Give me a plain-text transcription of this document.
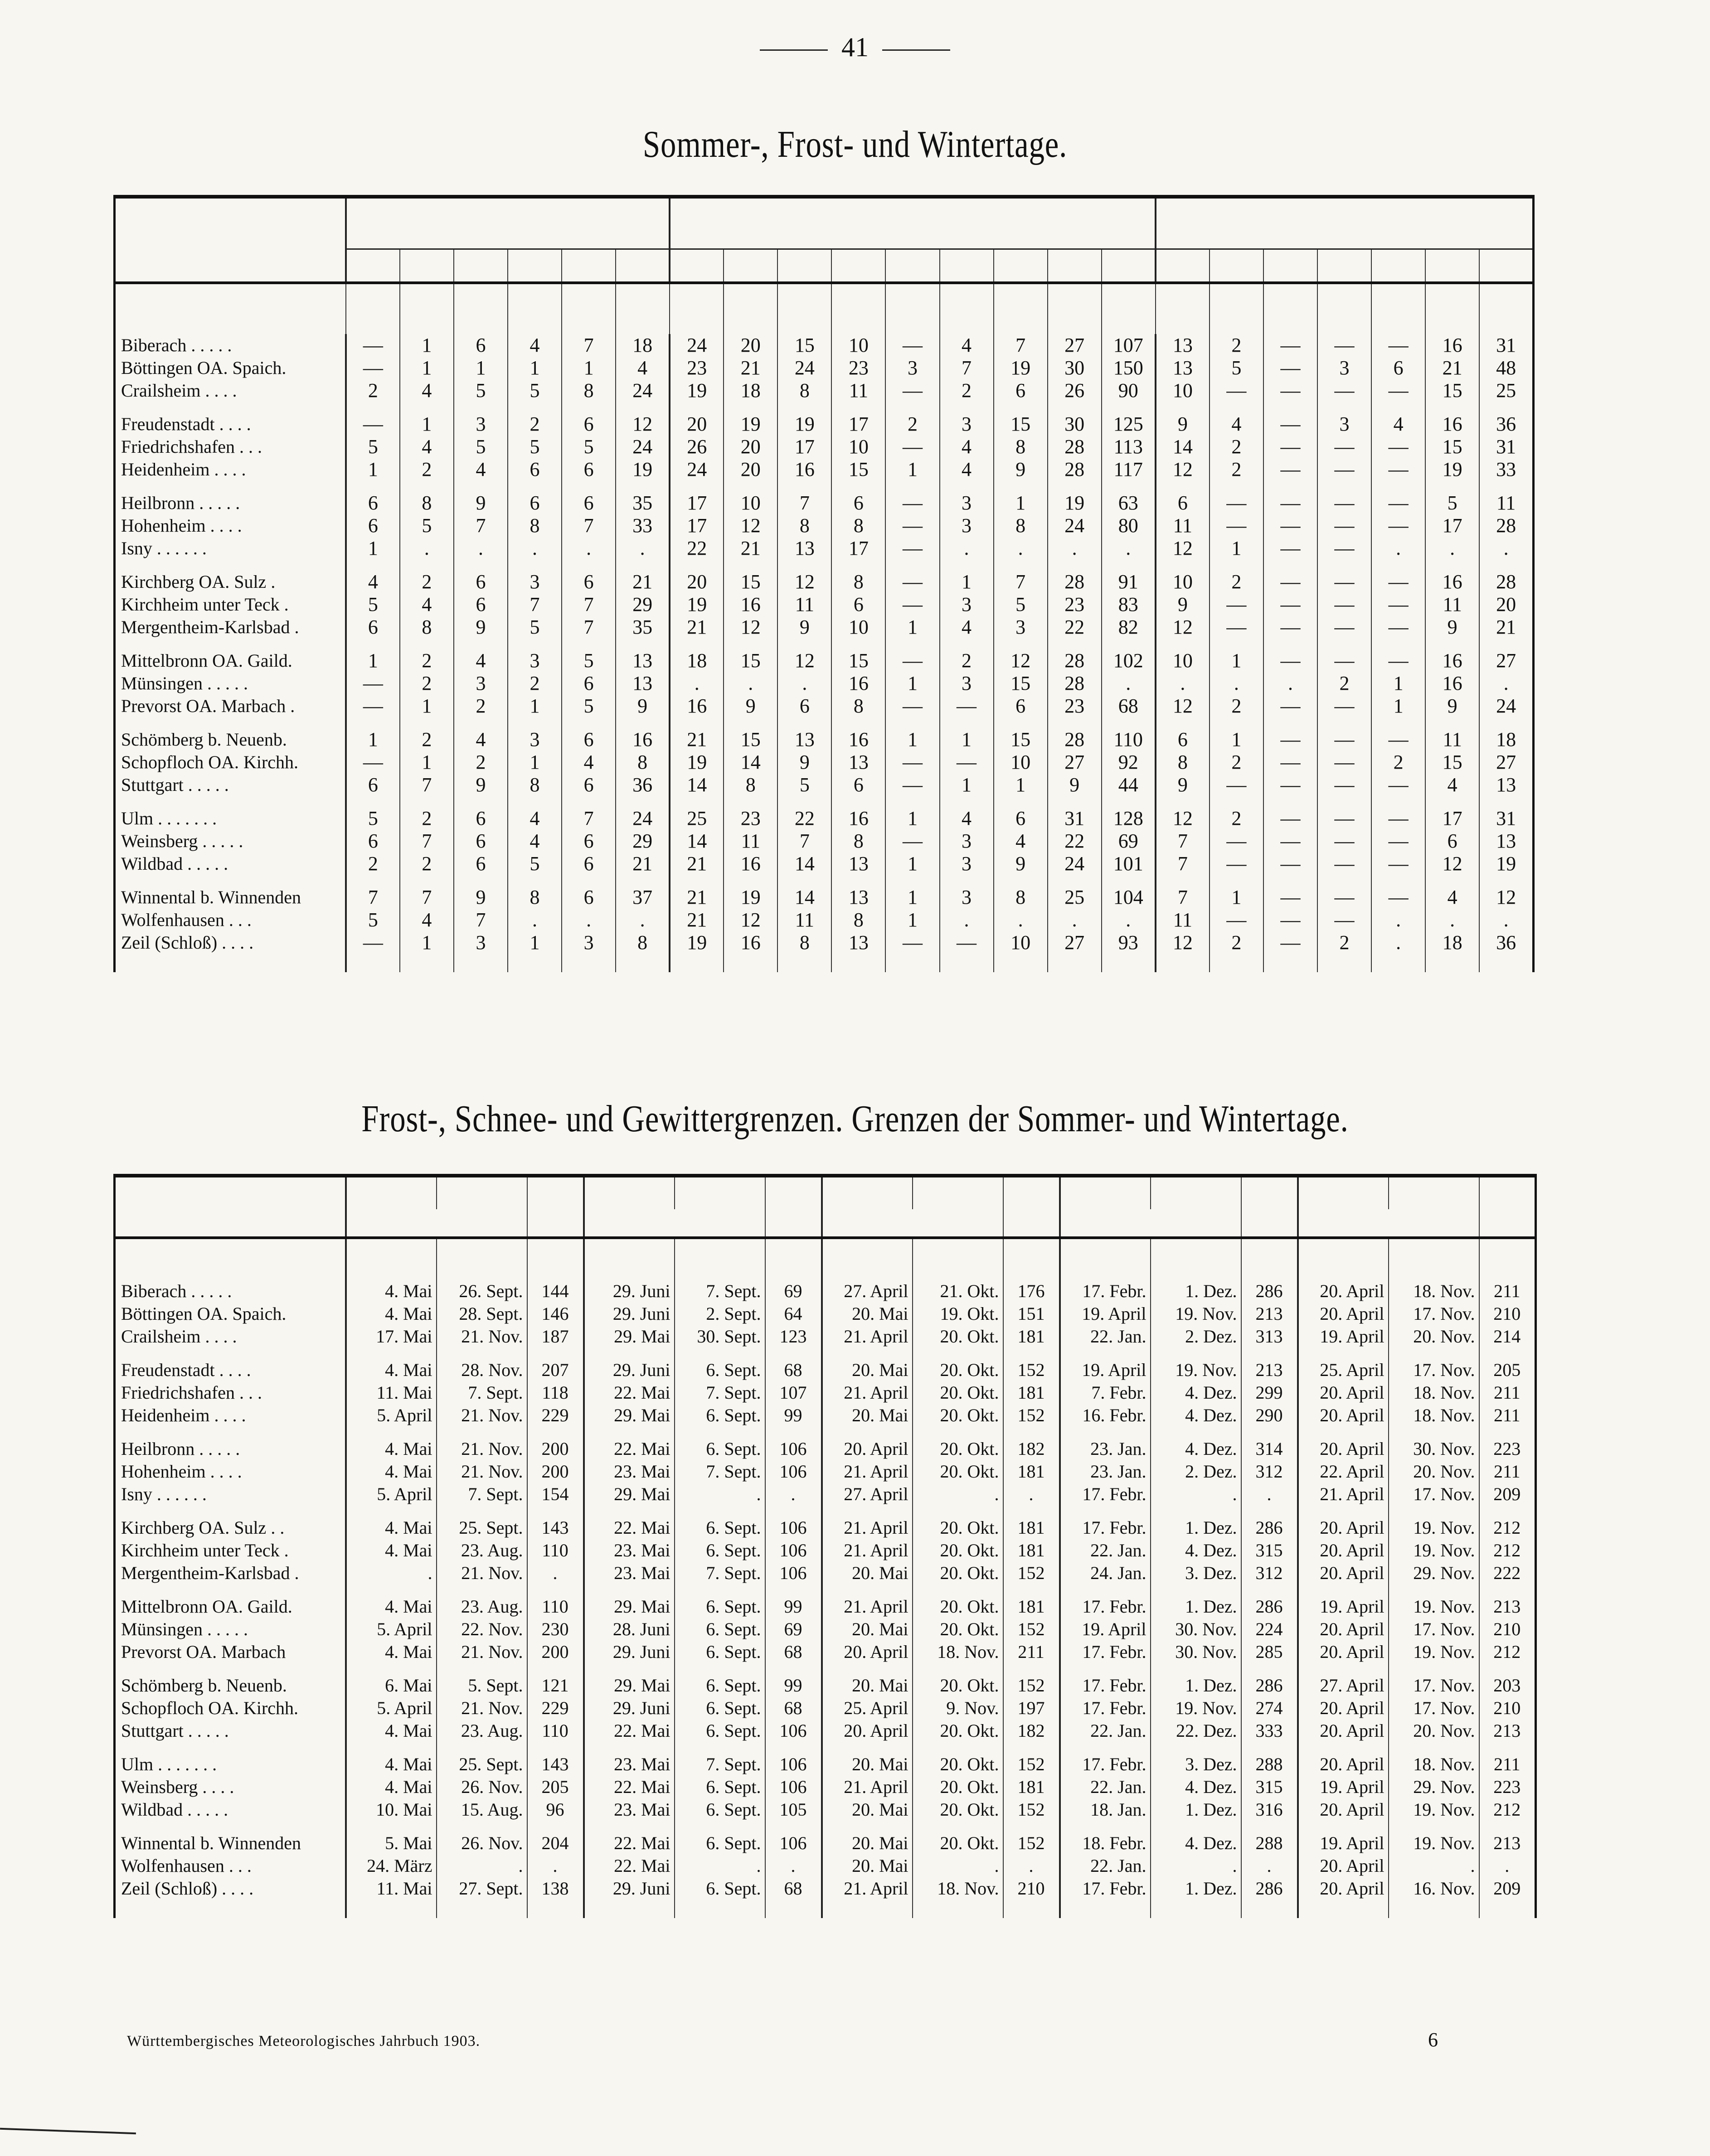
41
Sommer-, Frost- und Wintertage.

Biberach . . . . .	—	1	6	4	7	18	24	20	15	10	—	4	7	27	107	13	2	—	—	—	16	31
Böttingen OA. Spaich.	—	1	1	1	1	4	23	21	24	23	3	7	19	30	150	13	5	—	3	6	21	48
Crailsheim . . . .	2	4	5	5	8	24	19	18	8	11	—	2	6	26	90	10	—	—	—	—	15	25

Freudenstadt . . . .	—	1	3	2	6	12	20	19	19	17	2	3	15	30	125	9	4	—	3	4	16	36
Friedrichshafen . . .	5	4	5	5	5	24	26	20	17	10	—	4	8	28	113	14	2	—	—	—	15	31
Heidenheim . . . .	1	2	4	6	6	19	24	20	16	15	1	4	9	28	117	12	2	—	—	—	19	33

Heilbronn . . . . .	6	8	9	6	6	35	17	10	7	6	—	3	1	19	63	6	—	—	—	—	5	11
Hohenheim . . . .	6	5	7	8	7	33	17	12	8	8	—	3	8	24	80	11	—	—	—	—	17	28
Isny . . . . . .	1	.	.	.	.	.	22	21	13	17	—	.	.	.	.	12	1	—	—	.	.	.

Kirchberg OA. Sulz .	4	2	6	3	6	21	20	15	12	8	—	1	7	28	91	10	2	—	—	—	16	28
Kirchheim unter Teck .	5	4	6	7	7	29	19	16	11	6	—	3	5	23	83	9	—	—	—	—	11	20
Mergentheim-Karlsbad .	6	8	9	5	7	35	21	12	9	10	1	4	3	22	82	12	—	—	—	—	9	21

Mittelbronn OA. Gaild.	1	2	4	3	5	13	18	15	12	15	—	2	12	28	102	10	1	—	—	—	16	27
Münsingen . . . . .	—	2	3	2	6	13	.	.	.	16	1	3	15	28	.	.	.	.	2	1	16	.
Prevorst OA. Marbach .	—	1	2	1	5	9	16	9	6	8	—	—	6	23	68	12	2	—	—	1	9	24

Schömberg b. Neuenb.	1	2	4	3	6	16	21	15	13	16	1	1	15	28	110	6	1	—	—	—	11	18
Schopfloch OA. Kirchh.	—	1	2	1	4	8	19	14	9	13	—	—	10	27	92	8	2	—	—	2	15	27
Stuttgart . . . . .	6	7	9	8	6	36	14	8	5	6	—	1	1	9	44	9	—	—	—	—	4	13

Ulm . . . . . . .	5	2	6	4	7	24	25	23	22	16	1	4	6	31	128	12	2	—	—	—	17	31
Weinsberg . . . . .	6	7	6	4	6	29	14	11	7	8	—	3	4	22	69	7	—	—	—	—	6	13
Wildbad . . . . .	2	2	6	5	6	21	21	16	14	13	1	3	9	24	101	7	—	—	—	—	12	19

Winnental b. Winnenden	7	7	9	8	6	37	21	19	14	13	1	3	8	25	104	7	1	—	—	—	4	12
Wolfenhausen . . .	5	4	7	.	.	.	21	12	11	8	1	.	.	.	.	11	—	—	—	.	.	.
Zeil (Schloß) . . . .	—	1	3	1	3	8	19	16	8	13	—	—	10	27	93	12	2	—	2	.	18	36

Frost-, Schnee- und Gewittergrenzen. Grenzen der Sommer- und Wintertage.

Biberach . . . . .	4. Mai	26. Sept.	144	29. Juni	7. Sept.	69	27. April	21. Okt.	176	17. Febr.	1. Dez.	286	20. April	18. Nov.	211
Böttingen OA. Spaich.	4. Mai	28. Sept.	146	29. Juni	2. Sept.	64	20. Mai	19. Okt.	151	19. April	19. Nov.	213	20. April	17. Nov.	210
Crailsheim . . . .	17. Mai	21. Nov.	187	29. Mai	30. Sept.	123	21. April	20. Okt.	181	22. Jan.	2. Dez.	313	19. April	20. Nov.	214

Freudenstadt . . . .	4. Mai	28. Nov.	207	29. Juni	6. Sept.	68	20. Mai	20. Okt.	152	19. April	19. Nov.	213	25. April	17. Nov.	205
Friedrichshafen . . .	11. Mai	7. Sept.	118	22. Mai	7. Sept.	107	21. April	20. Okt.	181	7. Febr.	4. Dez.	299	20. April	18. Nov.	211
Heidenheim . . . .	5. April	21. Nov.	229	29. Mai	6. Sept.	99	20. Mai	20. Okt.	152	16. Febr.	4. Dez.	290	20. April	18. Nov.	211

Heilbronn . . . . .	4. Mai	21. Nov.	200	22. Mai	6. Sept.	106	20. April	20. Okt.	182	23. Jan.	4. Dez.	314	20. April	30. Nov.	223
Hohenheim . . . .	4. Mai	21. Nov.	200	23. Mai	7. Sept.	106	21. April	20. Okt.	181	23. Jan.	2. Dez.	312	22. April	20. Nov.	211
Isny . . . . . .	5. April	7. Sept.	154	29. Mai	.	.	27. April	.	.	17. Febr.	.	.	21. April	17. Nov.	209

Kirchberg OA. Sulz . .	4. Mai	25. Sept.	143	22. Mai	6. Sept.	106	21. April	20. Okt.	181	17. Febr.	1. Dez.	286	20. April	19. Nov.	212
Kirchheim unter Teck .	4. Mai	23. Aug.	110	23. Mai	6. Sept.	106	21. April	20. Okt.	181	22. Jan.	4. Dez.	315	20. April	19. Nov.	212
Mergentheim-Karlsbad .	.	21. Nov.	.	23. Mai	7. Sept.	106	20. Mai	20. Okt.	152	24. Jan.	3. Dez.	312	20. April	29. Nov.	222

Mittelbronn OA. Gaild.	4. Mai	23. Aug.	110	29. Mai	6. Sept.	99	21. April	20. Okt.	181	17. Febr.	1. Dez.	286	19. April	19. Nov.	213
Münsingen . . . . .	5. April	22. Nov.	230	28. Juni	6. Sept.	69	20. Mai	20. Okt.	152	19. April	30. Nov.	224	20. April	17. Nov.	210
Prevorst OA. Marbach	4. Mai	21. Nov.	200	29. Juni	6. Sept.	68	20. April	18. Nov.	211	17. Febr.	30. Nov.	285	20. April	19. Nov.	212

Schömberg b. Neuenb.	6. Mai	5. Sept.	121	29. Mai	6. Sept.	99	20. Mai	20. Okt.	152	17. Febr.	1. Dez.	286	27. April	17. Nov.	203
Schopfloch OA. Kirchh.	5. April	21. Nov.	229	29. Juni	6. Sept.	68	25. April	9. Nov.	197	17. Febr.	19. Nov.	274	20. April	17. Nov.	210
Stuttgart . . . . .	4. Mai	23. Aug.	110	22. Mai	6. Sept.	106	20. April	20. Okt.	182	22. Jan.	22. Dez.	333	20. April	20. Nov.	213

Ulm . . . . . . .	4. Mai	25. Sept.	143	23. Mai	7. Sept.	106	20. Mai	20. Okt.	152	17. Febr.	3. Dez.	288	20. April	18. Nov.	211
Weinsberg . . . .	4. Mai	26. Nov.	205	22. Mai	6. Sept.	106	21. April	20. Okt.	181	22. Jan.	4. Dez.	315	19. April	29. Nov.	223
Wildbad . . . . .	10. Mai	15. Aug.	96	23. Mai	6. Sept.	105	20. Mai	20. Okt.	152	18. Jan.	1. Dez.	316	20. April	19. Nov.	212

Winnental b. Winnenden	5. Mai	26. Nov.	204	22. Mai	6. Sept.	106	20. Mai	20. Okt.	152	18. Febr.	4. Dez.	288	19. April	19. Nov.	213
Wolfenhausen . . .	24. März	.	.	22. Mai	.	.	20. Mai	.	.	22. Jan.	.	.	20. April	.	.
Zeil (Schloß) . . . .	11. Mai	27. Sept.	138	29. Juni	6. Sept.	68	21. April	18. Nov.	210	17. Febr.	1. Dez.	286	20. April	16. Nov.	209

Württembergisches Meteorologisches Jahrbuch 1903.	6
